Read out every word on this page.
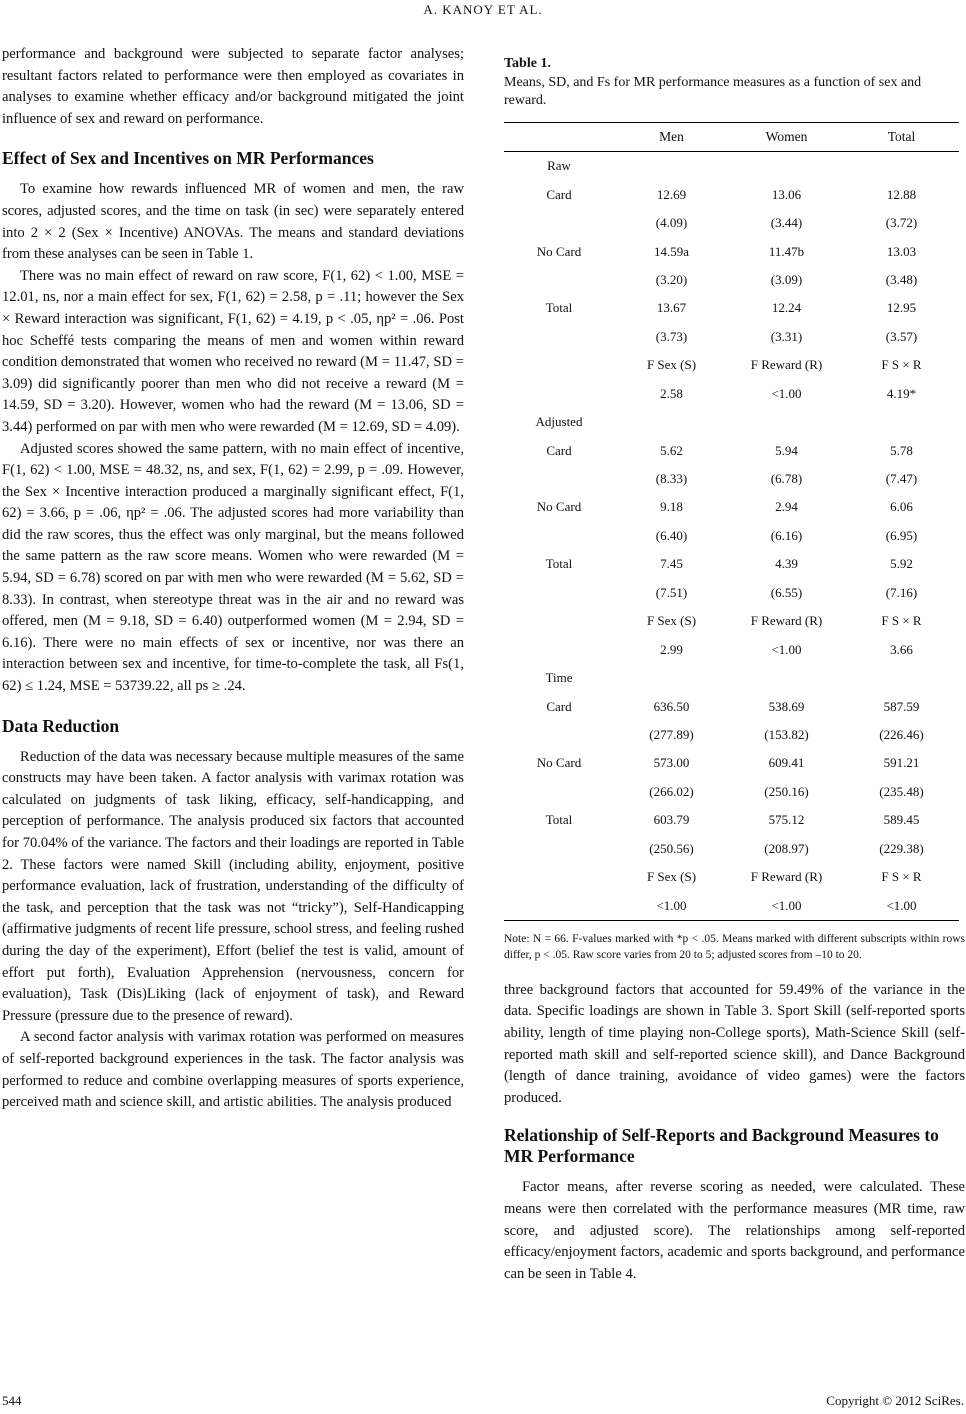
A. KANOY ET AL.

performance and background were subjected to separate factor analyses; resultant factors related to performance were then employed as covariates in analyses to examine whether efficacy and/or background mitigated the joint influence of sex and reward on performance.

Effect of Sex and Incentives on MR Performances

To examine how rewards influenced MR of women and men, the raw scores, adjusted scores, and the time on task (in sec) were separately entered into 2 × 2 (Sex × Incentive) ANOVAs. The means and standard deviations from these analyses can be seen in Table 1.

There was no main effect of reward on raw score, F(1, 62) < 1.00, MSE = 12.01, ns, nor a main effect for sex, F(1, 62) = 2.58, p = .11; however the Sex × Reward interaction was significant, F(1, 62) = 4.19, p < .05, ηp² = .06. Post hoc Scheffé tests comparing the means of men and women within reward condition demonstrated that women who received no reward (M = 11.47, SD = 3.09) did significantly poorer than men who did not receive a reward (M = 14.59, SD = 3.20). However, women who had the reward (M = 13.06, SD = 3.44) performed on par with men who were rewarded (M = 12.69, SD = 4.09).

Adjusted scores showed the same pattern, with no main effect of incentive, F(1, 62) < 1.00, MSE = 48.32, ns, and sex, F(1, 62) = 2.99, p = .09. However, the Sex × Incentive interaction produced a marginally significant effect, F(1, 62) = 3.66, p = .06, ηp² = .06. The adjusted scores had more variability than did the raw scores, thus the effect was only marginal, but the means followed the same pattern as the raw score means. Women who were rewarded (M = 5.94, SD = 6.78) scored on par with men who were rewarded (M = 5.62, SD = 8.33). In contrast, when stereotype threat was in the air and no reward was offered, men (M = 9.18, SD = 6.40) outperformed women (M = 2.94, SD = 6.16). There were no main effects of sex or incentive, nor was there an interaction between sex and incentive, for time-to-complete the task, all Fs(1, 62) ≤ 1.24, MSE = 53739.22, all ps ≥ .24.

Data Reduction

Reduction of the data was necessary because multiple measures of the same constructs may have been taken. A factor analysis with varimax rotation was calculated on judgments of task liking, efficacy, self-handicapping, and perception of performance. The analysis produced six factors that accounted for 70.04% of the variance. The factors and their loadings are reported in Table 2. These factors were named Skill (including ability, enjoyment, positive performance evaluation, lack of frustration, understanding of the difficulty of the task, and perception that the task was not “tricky”), Self-Handicapping (affirmative judgments of recent life pressure, school stress, and feeling rushed during the day of the experiment), Effort (belief the test is valid, amount of effort put forth), Evaluation Apprehension (nervousness, concern for evaluation), Task (Dis)Liking (lack of enjoyment of task), and Reward Pressure (pressure due to the presence of reward).

A second factor analysis with varimax rotation was performed on measures of self-reported background experiences in the task. The factor analysis was performed to reduce and combine overlapping measures of sports experience, perceived math and science skill, and artistic abilities. The analysis produced

Table 1.

Means, SD, and Fs for MR performance measures as a function of sex and reward.

Men	Women	Total
Raw
Card	12.69	13.06	12.88
(4.09)	(3.44)	(3.72)
No Card	14.59a	11.47b	13.03
(3.20)	(3.09)	(3.48)
Total	13.67	12.24	12.95
(3.73)	(3.31)	(3.57)
F Sex (S)	F Reward (R)	F S × R
2.58	<1.00	4.19*
Adjusted
Card	5.62	5.94	5.78
(8.33)	(6.78)	(7.47)
No Card	9.18	2.94	6.06
(6.40)	(6.16)	(6.95)
Total	7.45	4.39	5.92
(7.51)	(6.55)	(7.16)
F Sex (S)	F Reward (R)	F S × R
2.99	<1.00	3.66
Time
Card	636.50	538.69	587.59
(277.89)	(153.82)	(226.46)
No Card	573.00	609.41	591.21
(266.02)	(250.16)	(235.48)
Total	603.79	575.12	589.45
(250.56)	(208.97)	(229.38)
F Sex (S)	F Reward (R)	F S × R
<1.00	<1.00	<1.00
Note: N = 66. F-values marked with *p < .05. Means marked with different subscripts within rows differ, p < .05. Raw score varies from 20 to 5; adjusted scores from –10 to 20.

three background factors that accounted for 59.49% of the variance in the data. Specific loadings are shown in Table 3. Sport Skill (self-reported sports ability, length of time playing non-College sports), Math-Science Skill (self-reported math skill and self-reported science skill), and Dance Background (length of dance training, avoidance of video games) were the factors produced.

Relationship of Self-Reports and Background Measures to MR Performance

Factor means, after reverse scoring as needed, were calculated. These means were then correlated with the performance measures (MR time, raw score, and adjusted score). The relationships among self-reported efficacy/enjoyment factors, academic and sports background, and performance can be seen in Table 4.

544	Copyright © 2012 SciRes.
